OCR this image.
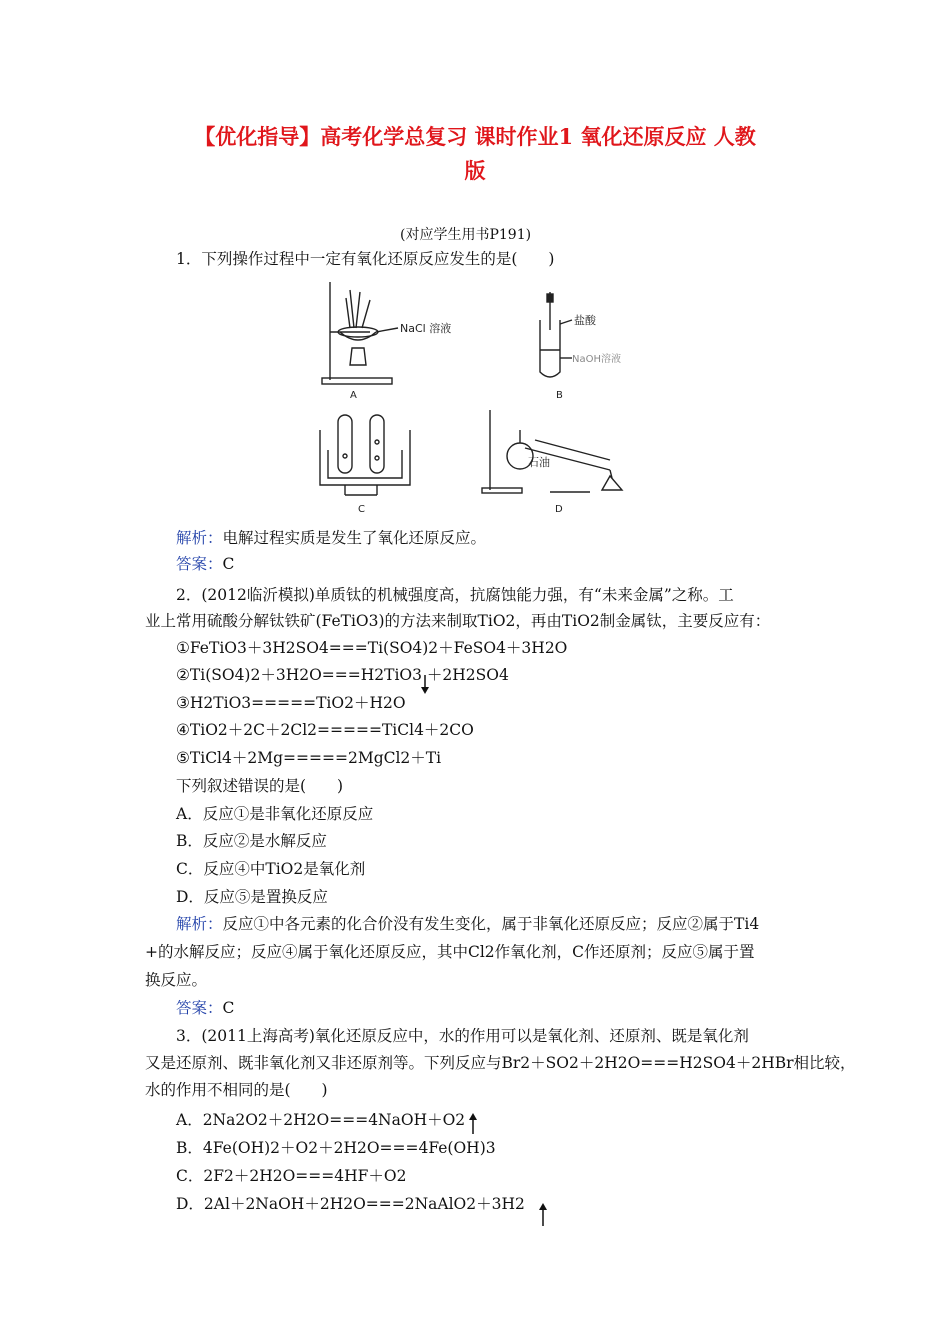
【优化指导】高考化学总复习 课时作业1 氧化还原反应 人教
版
(对应学生用书P191)
1．下列操作过程中一定有氧化还原反应发生的是(　　)
NaCl 溶液
A
盐酸
NaOH溶液
B
C
石油
D
解析：电解过程实质是发生了氧化还原反应。
答案：C
2．(2012临沂模拟)单质钛的机械强度高，抗腐蚀能力强，有“未来金属”之称。工
业上常用硫酸分解钛铁矿(FeTiO3)的方法来制取TiO2，再由TiO2制金属钛，主要反应有：
①FeTiO3＋3H2SO4===Ti(SO4)2＋FeSO4＋3H2O
②Ti(SO4)2＋3H2O===H2TiO3 ＋2H2SO4
③H2TiO3=====TiO2＋H2O
④TiO2＋2C＋2Cl2=====TiCl4＋2CO
⑤TiCl4＋2Mg=====2MgCl2＋Ti
下列叙述错误的是(　　)
A．反应①是非氧化还原反应
B．反应②是水解反应
C．反应④中TiO2是氧化剂
D．反应⑤是置换反应
解析：反应①中各元素的化合价没有发生变化，属于非氧化还原反应；反应②属于Ti4
+的水解反应；反应④属于氧化还原反应，其中Cl2作氧化剂，C作还原剂；反应⑤属于置
换反应。
答案：C
3．(2011上海高考)氧化还原反应中，水的作用可以是氧化剂、还原剂、既是氧化剂
又是还原剂、既非氧化剂又非还原剂等。下列反应与Br2＋SO2＋2H2O===H2SO4＋2HBr相比较，
水的作用不相同的是(　　)
A．2Na2O2＋2H2O===4NaOH＋O2
B．4Fe(OH)2＋O2＋2H2O===4Fe(OH)3
C．2F2＋2H2O===4HF＋O2
D．2Al＋2NaOH＋2H2O===2NaAlO2＋3H2
